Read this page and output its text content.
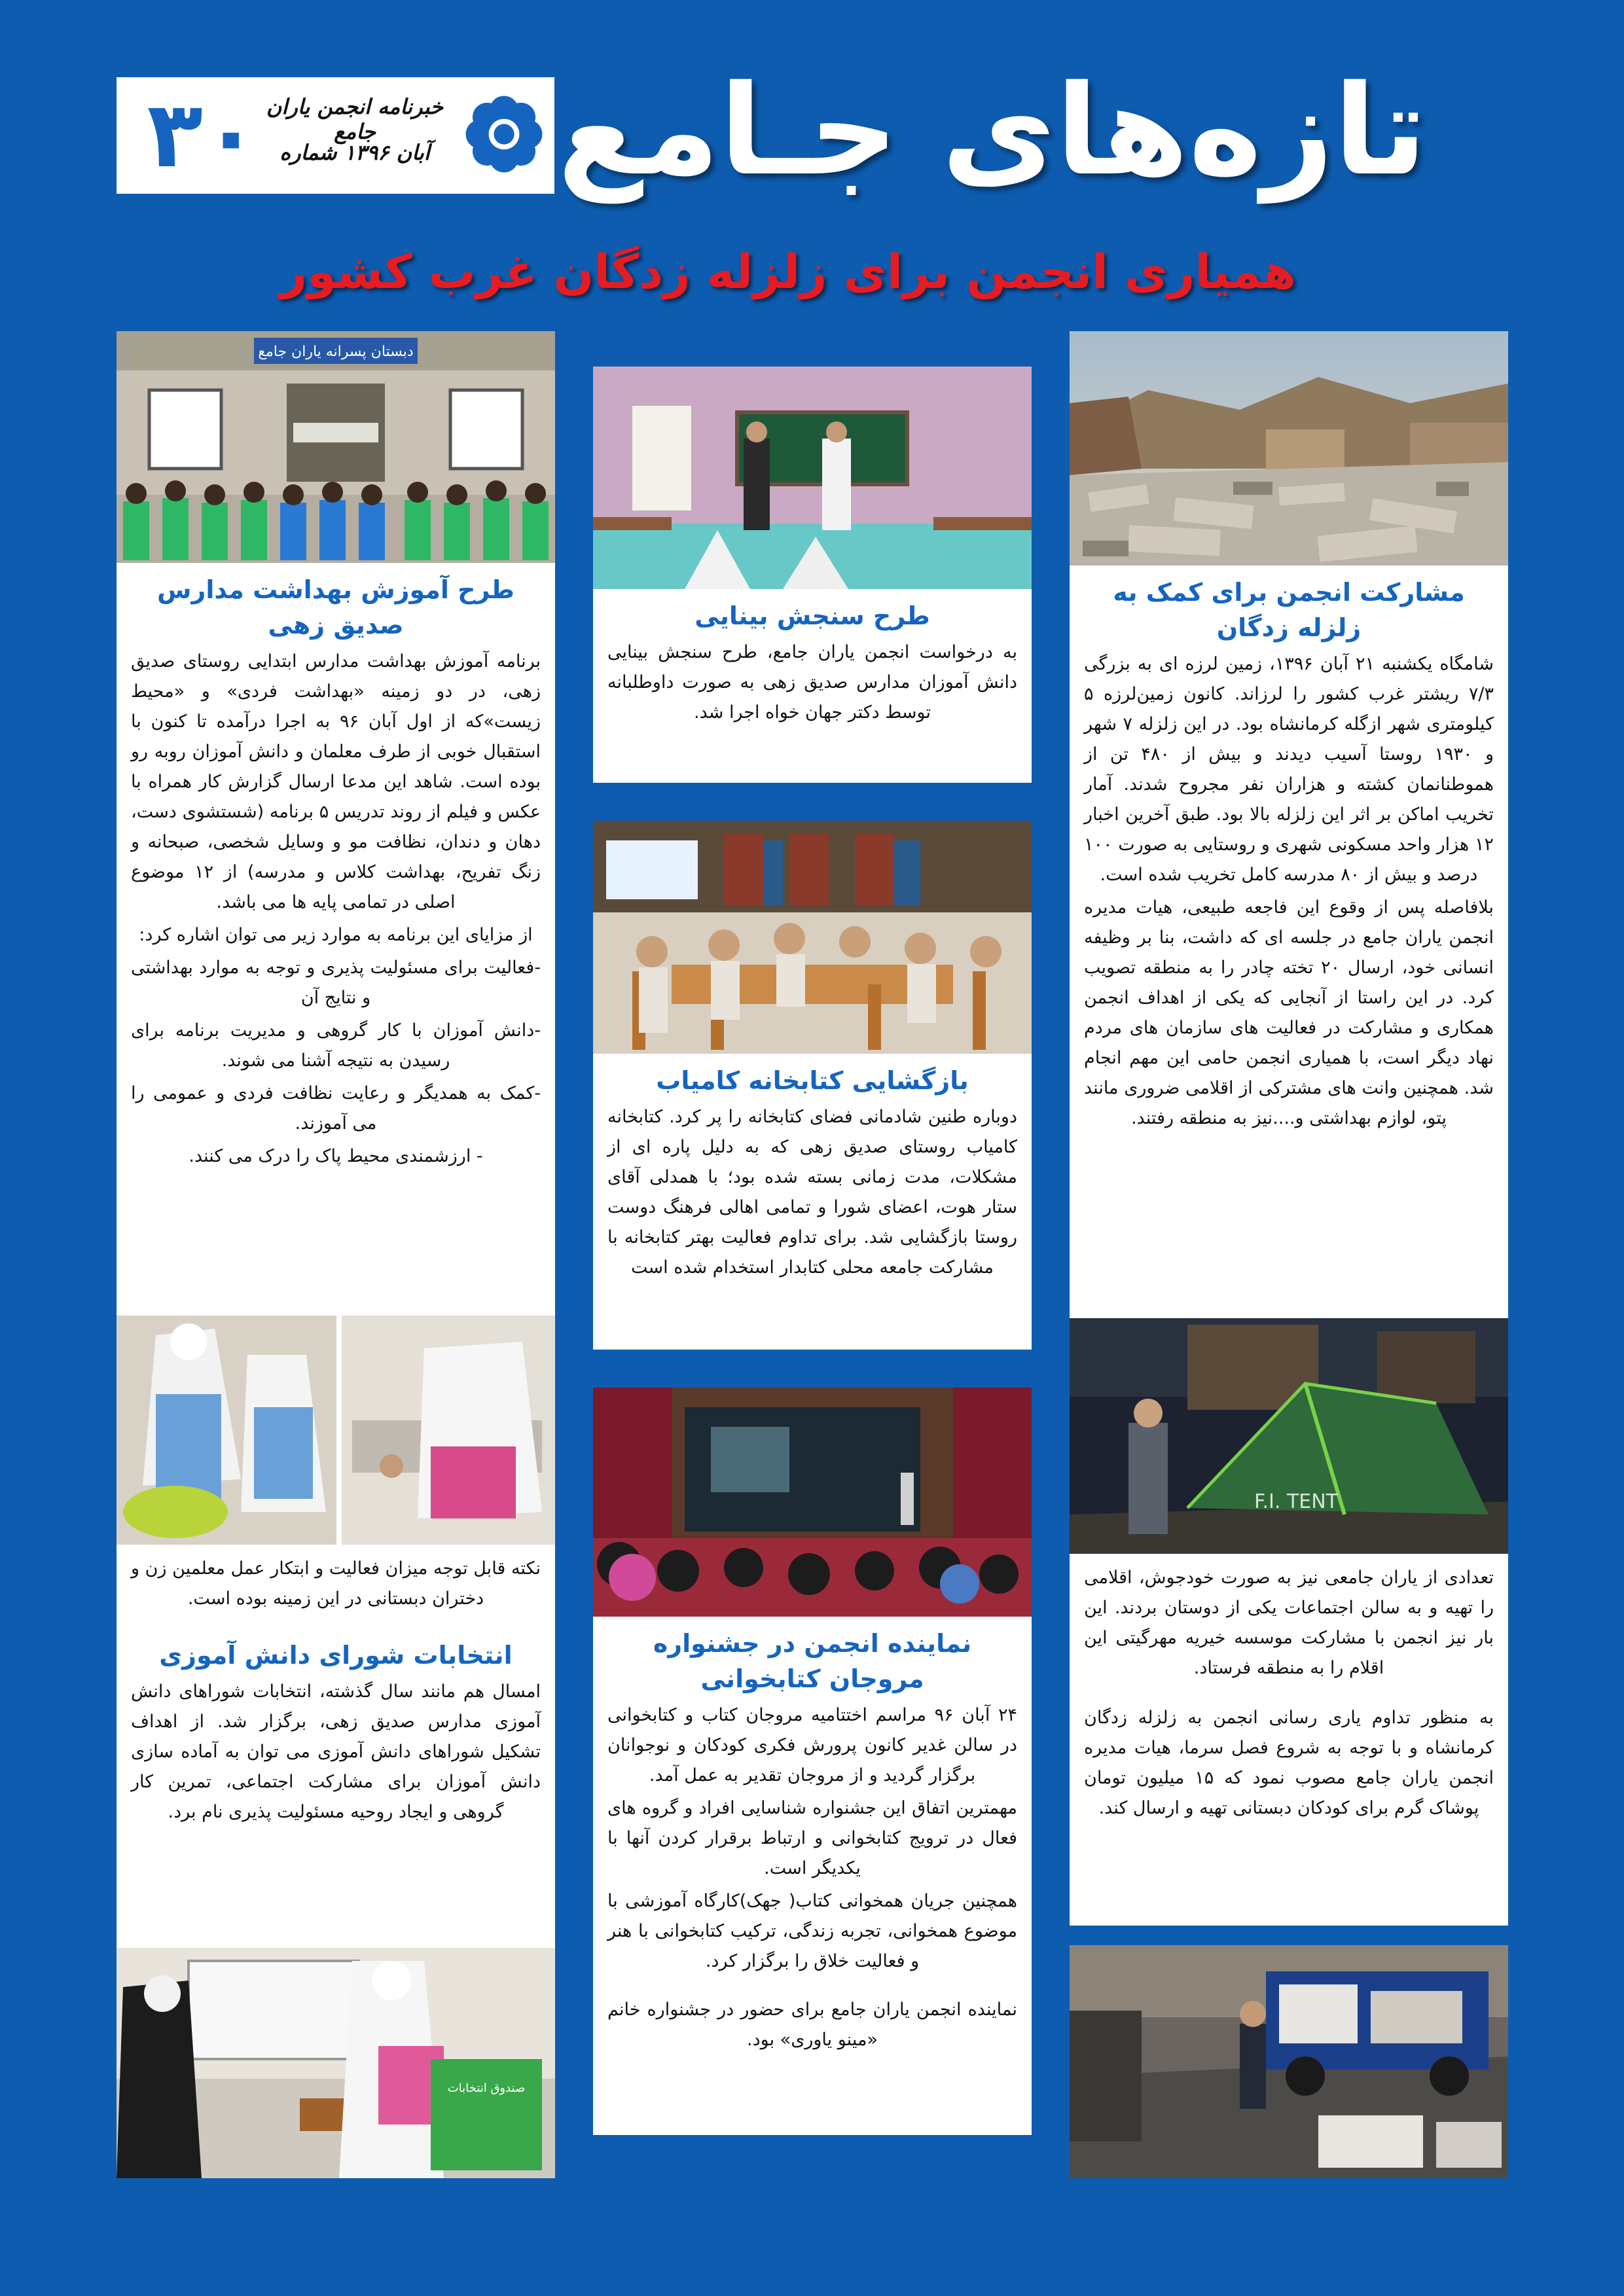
تازه‌های جـامع
خبرنامه انجمن یاران جامع
آبان ۱۳۹۶ شماره
۳۰
همیاری انجمن برای زلزله زدگان غرب کشور
مشارکت انجمن برای کمک به زلزله زدگان

شامگاه یکشنبه ۲۱ آبان ۱۳۹۶، زمین لرزه ای به بزرگی ۷/۳ ریشتر غرب کشور را لرزاند. کانون زمین‌لرزه ۵ کیلومتری شهر ازگله کرمانشاه بود. در این زلزله ۷ شهر و ۱۹۳۰ روستا آسیب دیدند و بیش از ۴۸۰ تن از هموطنانمان کشته و هزاران نفر مجروح شدند. آمار تخریب اماکن بر اثر این زلزله بالا بود. طبق آخرین اخبار ۱۲ هزار واحد مسکونی شهری و روستایی به صورت ۱۰۰ درصد و بیش از ۸۰ مدرسه کامل تخریب شده است.

بلافاصله پس از وقوع این فاجعه طبیعی، هیات مدیره انجمن یاران جامع در جلسه ای که داشت، بنا بر وظیفه انسانی خود، ارسال ۲۰ تخته چادر را به منطقه تصویب کرد. در این راستا از آنجایی که یکی از اهداف انجمن همکاری و مشارکت در فعالیت های سازمان های مردم نهاد دیگر است، با همیاری انجمن حامی این مهم انجام شد. همچنین وانت های مشترکی از اقلامی ضروری مانند پتو، لوازم بهداشتی و....نیز به منطقه رفتند.

F.I. TENT

تعدادی از یاران جامعی نیز به صورت خودجوش، اقلامی را تهیه و به سالن اجتماعات یکی از دوستان بردند. این بار نیز انجمن با مشارکت موسسه خیریه مهرگیتی این اقلام را به منطقه فرستاد.

به منظور تداوم یاری رسانی انجمن به زلزله زدگان کرمانشاه و با توجه به شروع فصل سرما، هیات مدیره انجمن یاران جامع مصوب نمود که ۱۵ میلیون تومان پوشاک گرم برای کودکان دبستانی تهیه و ارسال کند.

طرح سنجش بینایی

به درخواست انجمن یاران جامع، طرح سنجش بینایی دانش آموزان مدارس صدیق زهی به صورت داوطلبانه توسط دکتر جهان خواه اجرا شد.

بازگشایی کتابخانه کامیاب

دوباره طنین شادمانی فضای کتابخانه را پر کرد. کتابخانه کامیاب روستای صدیق زهی که به دلیل پاره ای از مشکلات، مدت زمانی بسته شده بود؛ با همدلی آقای ستار هوت، اعضای شورا و تمامی اهالی فرهنگ دوست روستا بازگشایی شد. برای تداوم فعالیت بهتر کتابخانه با مشارکت جامعه محلی کتابدار استخدام شده است

نماینده انجمن در جشنواره مروجان کتابخوانی

۲۴ آبان ۹۶ مراسم اختتامیه مروجان کتاب و کتابخوانی در سالن غدیر کانون پرورش فکری کودکان و نوجوانان برگزار گردید و از مروجان تقدیر به عمل آمد.

مهمترین اتفاق این جشنواره شناسایی افراد و گروه های فعال در ترویج کتابخوانی و ارتباط برقرار کردن آنها با یکدیگر است.

همچنین جریان همخوانی کتاب( جهک)کارگاه آموزشی با موضوع همخوانی، تجربه زندگی، ترکیب کتابخوانی با هنر و فعالیت خلاق را برگزار کرد.

نماینده انجمن یاران جامع برای حضور در جشنواره خانم «مینو یاوری» بود.

دبستان پسرانه یاران جامع
طرح آموزش بهداشت مدارس صدیق زهی

برنامه آموزش بهداشت مدارس ابتدایی روستای صدیق زهی، در دو زمینه «بهداشت فردی» و «محیط زیست»که از اول آبان ۹۶ به اجرا درآمده تا کنون با استقبال خوبی از طرف معلمان و دانش آموزان روبه رو بوده است. شاهد این مدعا ارسال گزارش کار همراه با عکس و فیلم از روند تدریس ۵ برنامه (شستشوی دست، دهان و دندان، نظافت مو و وسایل شخصی، صبحانه و زنگ تفریح، بهداشت کلاس و مدرسه) از ۱۲ موضوع اصلی در تمامی پایه ها می باشد.

از مزایای این برنامه به موارد زیر می توان اشاره کرد:

-فعالیت برای مسئولیت پذیری و توجه به موارد بهداشتی و نتایج آن

-دانش آموزان با کار گروهی و مدیریت برنامه برای رسیدن به نتیجه آشنا می شوند.

-کمک به همدیگر و رعایت نظافت فردی و عمومی را می آموزند.

- ارزشمندی محیط پاک را درک می کنند.

نکته قابل توجه میزان فعالیت و ابتکار عمل معلمین زن و دختران دبستانی در این زمینه بوده است.

انتخابات شورای دانش آموزی

امسال هم مانند سال گذشته، انتخابات شوراهای دانش آموزی مدارس صدیق زهی، برگزار شد. از اهداف تشکیل شوراهای دانش آموزی می توان به آماده سازی دانش آموزان برای مشارکت اجتماعی، تمرین کار گروهی و ایجاد روحیه مسئولیت پذیری نام برد.

صندوق انتخابات
